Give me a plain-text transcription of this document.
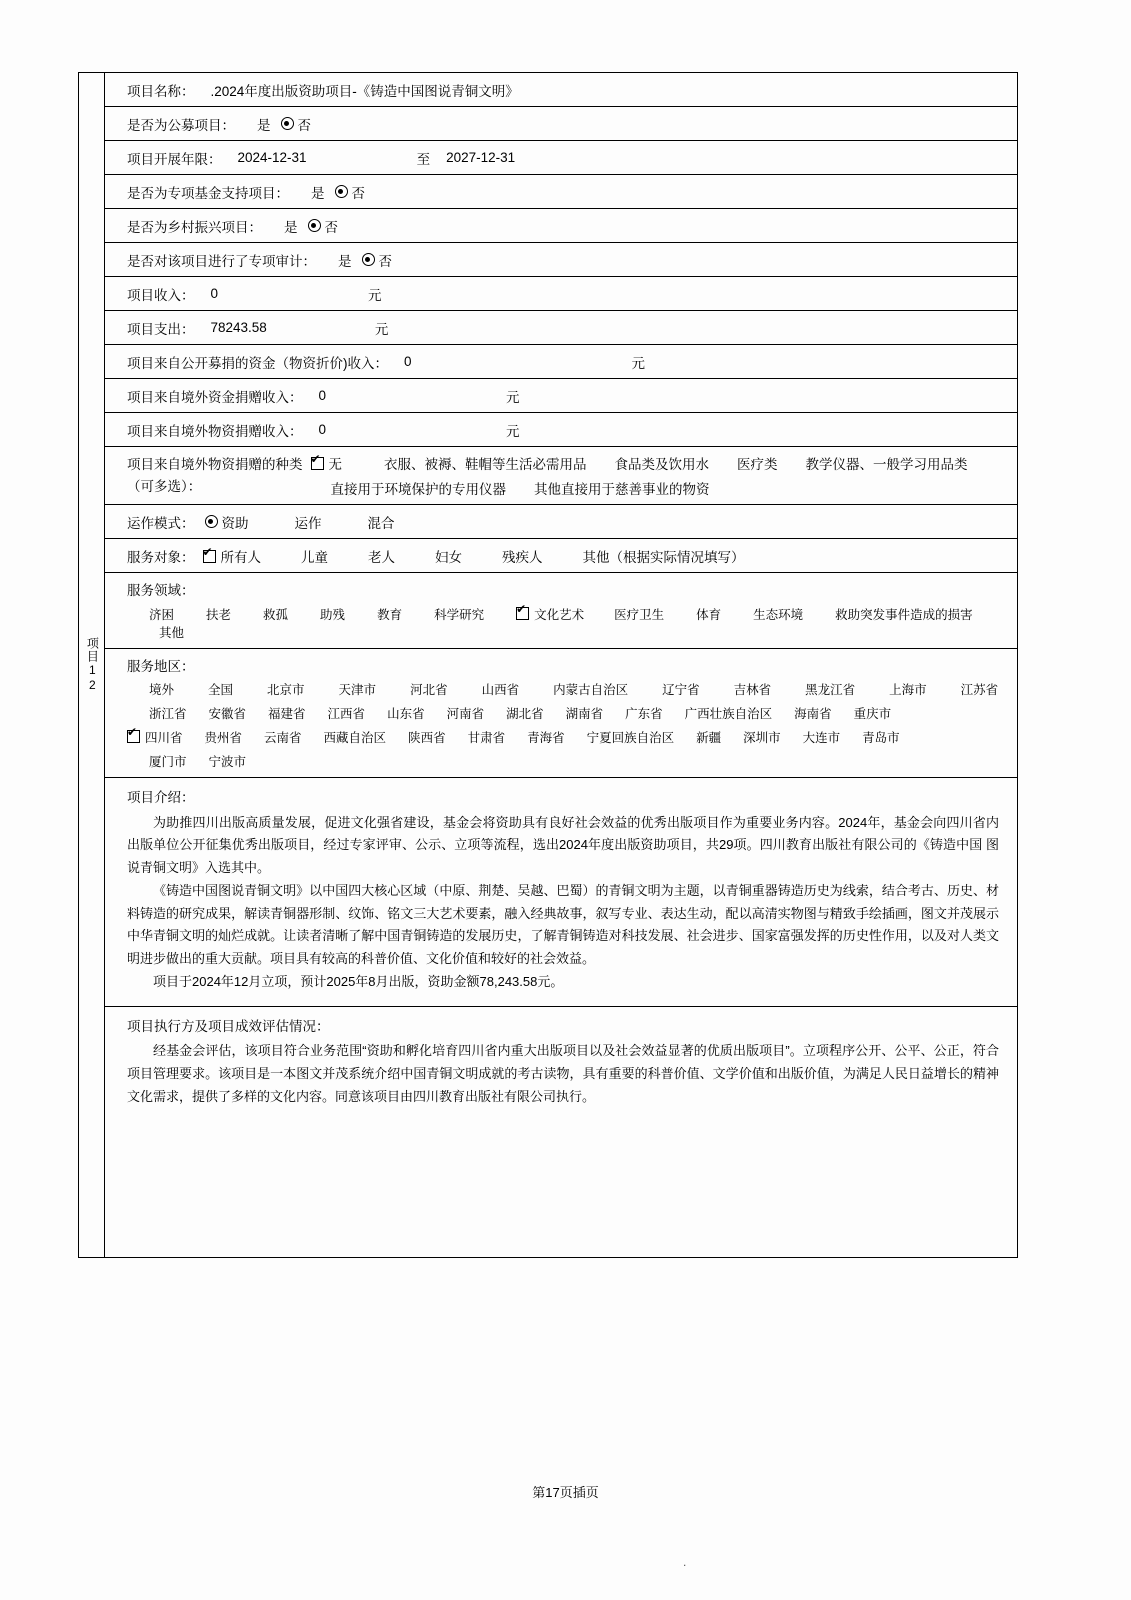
项目12
项目名称： .2024年度出版资助项目-《铸造中国图说青铜文明》
是否为公募项目： 是 否
项目开展年限： 2024-12-31	至 2027-12-31
是否为专项基金支持项目： 是 否
是否为乡村振兴项目： 是 否
是否对该项目进行了专项审计： 是 否
项目收入： 0	元
项目支出： 78243.58	元
项目来自公开募捐的资金（物资折价)收入： 0	元
项目来自境外资金捐赠收入： 0	元
项目来自境外物资捐赠收入： 0	元
项目来自境外物资捐赠的种类
（可多选）：
✔无	衣服、被褥、鞋帽等生活必需用品 食品类及饮用水 医疗类 教学仪器、一般学习用品类
直接用于环境保护的专用仪器 其他直接用于慈善事业的物资
运作模式： 资助	运作	混合
服务对象： ✔	所有人	儿童	老人	妇女	残疾人	其他（根据实际情况填写）
服务领域：
济困	扶老	救孤	助残	教育	科学研究 ✔	文化艺术 医疗卫生	体育	生态环境	救助突发事件造成的损害
其他
服务地区：
境外	全国	北京市	天津市	河北省	山西省	内蒙古自治区	辽宁省	吉林省	黑龙江省	上海市	江苏省
浙江省 安徽省 福建省 江西省 山东省 河南省 湖北省 湖南省 广东省 广西壮族自治区 海南省 重庆市
✔四川省 贵州省 云南省 西藏自治区 陕西省 甘肃省 青海省 宁夏回族自治区 新疆 深圳市 大连市 青岛市
厦门市 宁波市
项目介绍：

为助推四川出版高质量发展，促进文化强省建设，基金会将资助具有良好社会效益的优秀出版项目作为重要业务内容。2024年，基金会向四川省内出版单位公开征集优秀出版项目，经过专家评审、公示、立项等流程，选出2024年度出版资助项目，共29项。四川教育出版社有限公司的《铸造中国 图说青铜文明》入选其中。

《铸造中国图说青铜文明》以中国四大核心区域（中原、荆楚、吴越、巴蜀）的青铜文明为主题，以青铜重器铸造历史为线索，结合考古、历史、材料铸造的研究成果，解读青铜器形制、纹饰、铭文三大艺术要素，融入经典故事，叙写专业、表达生动，配以高清实物图与精致手绘插画，图文并茂展示中华青铜文明的灿烂成就。让读者清晰了解中国青铜铸造的发展历史，了解青铜铸造对科技发展、社会进步、国家富强发挥的历史性作用，以及对人类文明进步做出的重大贡献。项目具有较高的科普价值、文化价值和较好的社会效益。

项目于2024年12月立项，预计2025年8月出版，资助金额78,243.58元。

项目执行方及项目成效评估情况：

经基金会评估，该项目符合业务范围“资助和孵化培育四川省内重大出版项目以及社会效益显著的优质出版项目”。立项程序公开、公平、公正，符合项目管理要求。该项目是一本图文并茂系统介绍中国青铜文明成就的考古读物，具有重要的科普价值、文学价值和出版价值，为满足人民日益增长的精神文化需求，提供了多样的文化内容。同意该项目由四川教育出版社有限公司执行。

第17页插页
.
